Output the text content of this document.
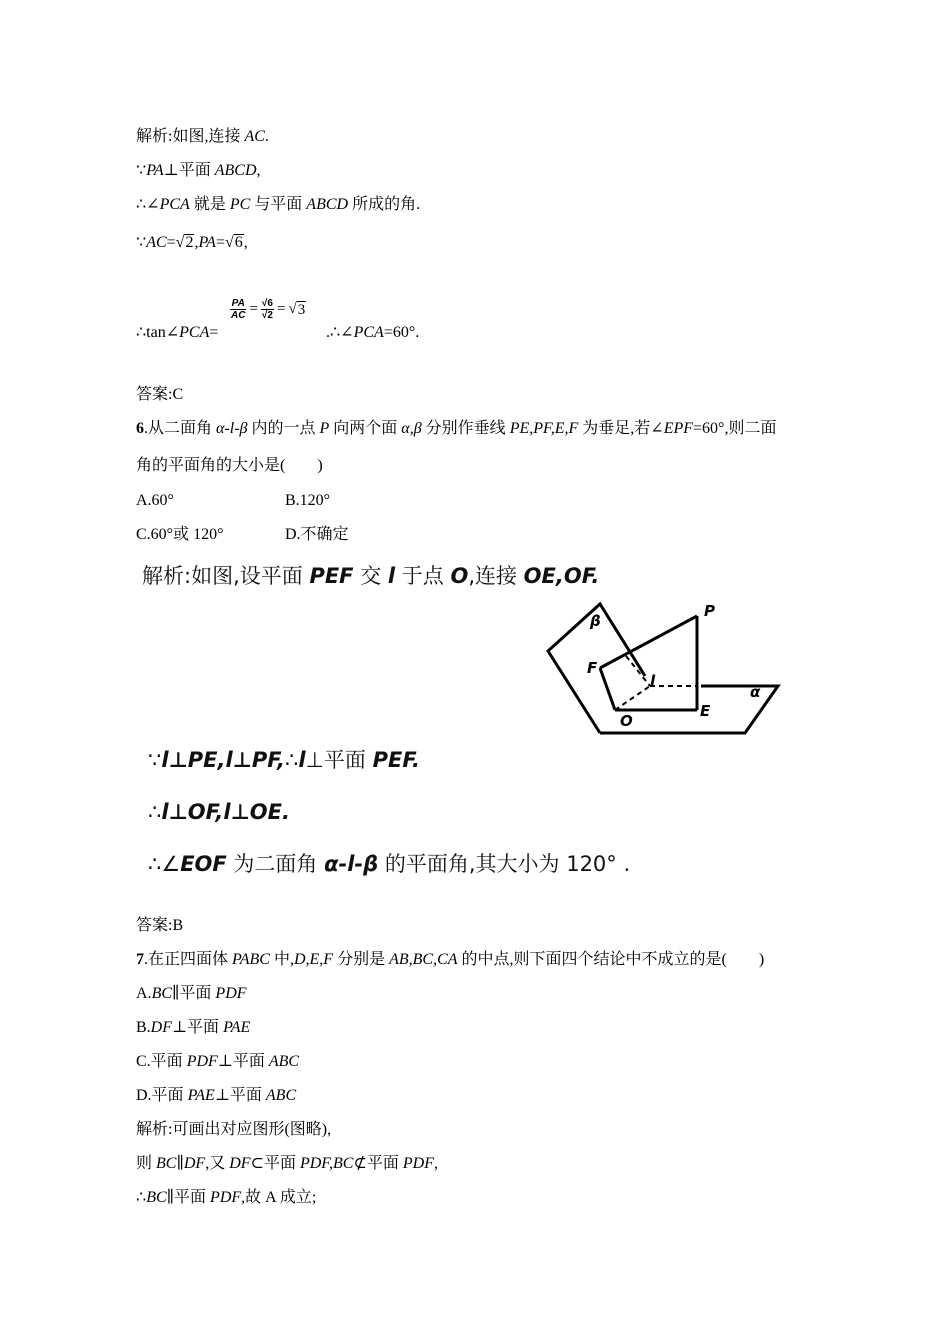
解析:如图,连接 AC.
∵PA⊥平面 ABCD,
∴∠PCA 就是 PC 与平面 ABCD 所成的角.
∵AC=√2,PA=√6,
∴tan∠PCA=
$\frac{PA}{AC} = \frac{√6}{√2} = √3$
.∴∠PCA=60°.
答案:C
6.从二面角 α-l-β 内的一点 P 向两个面 α,β 分别作垂线 PE,PF,E,F 为垂足,若∠EPF=60°,则二面
角的平面角的大小是(　　)
A.60°	B.120°
C.60°或 120°	D.不确定
解析:如图,设平面 PEF 交 l 于点 O,连接 OE,OF.
β
P
F
l
O
E
α
∵l⊥PE,l⊥PF,∴l⊥平面 PEF.
∴l⊥OF,l⊥OE.
∴∠EOF 为二面角 α-l-β 的平面角,其大小为 120° .
答案:B
7.在正四面体 PABC 中,D,E,F 分别是 AB,BC,CA 的中点,则下面四个结论中不成立的是(　　)
A.BC∥平面 PDF
B.DF⊥平面 PAE
C.平面 PDF⊥平面 ABC
D.平面 PAE⊥平面 ABC
解析:可画出对应图形(图略),
则 BC∥DF,又 DF⊂平面 PDF,BC⊄平面 PDF,
∴BC∥平面 PDF,故 A 成立;
